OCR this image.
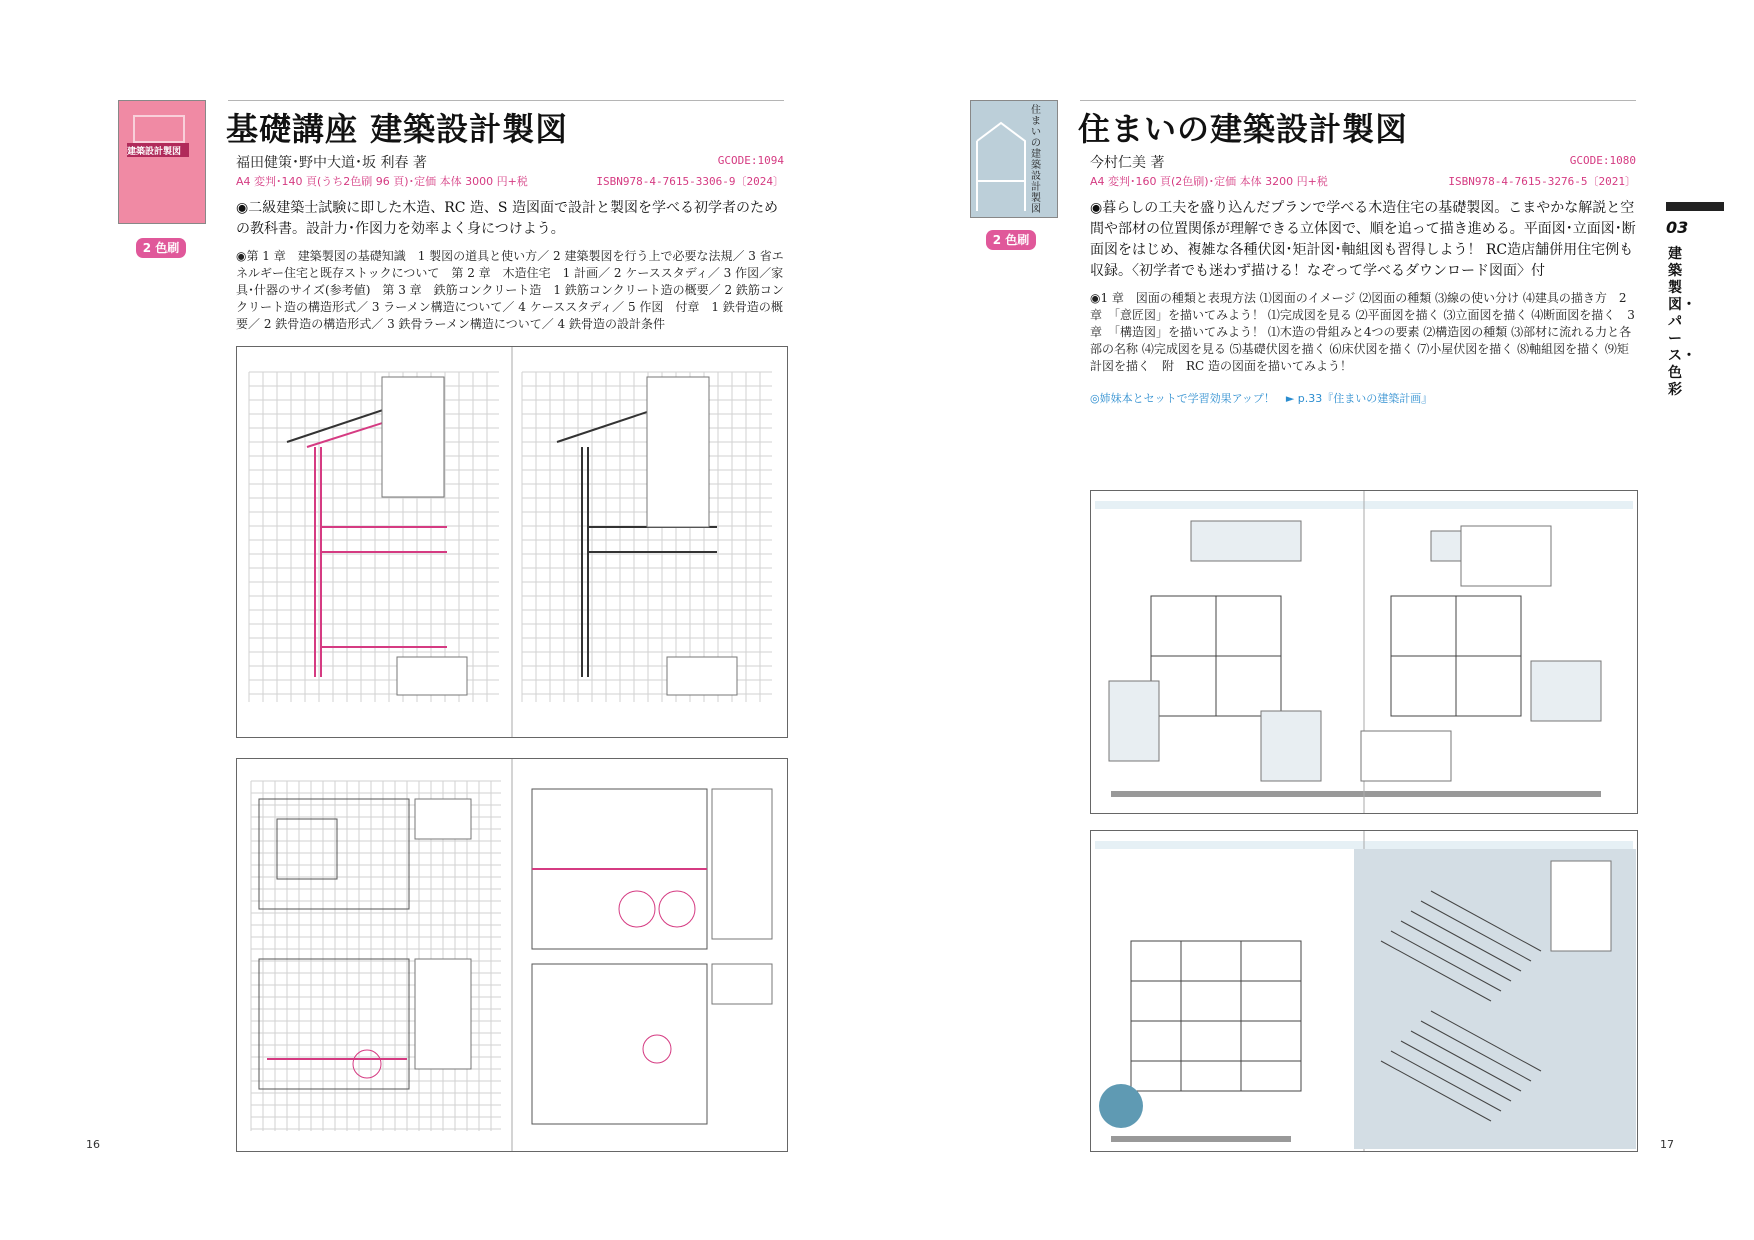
建築設計製図
2 色刷
基礎講座 建築設計製図
福田健策･野中大道･坂 利春 著	GCODE:1094
A4 変判･140 頁(うち2色刷 96 頁)･定価 本体 3000 円+税	ISBN978-4-7615-3306-9〔2024〕
◉二級建築士試験に即した木造、RC 造、S 造図面で設計と製図を学べる初学者のための教科書。設計力･作図力を効率よく身につけよう。
◉第 1 章　建築製図の基礎知識　1 製図の道具と使い方／ 2 建築製図を行う上で必要な法規／ 3 省エネルギー住宅と既存ストックについて　第 2 章　木造住宅　1 計画／ 2 ケーススタディ／ 3 作図／家具･什器のサイズ(参考値)　第 3 章　鉄筋コンクリート造　1 鉄筋コンクリート造の概要／ 2 鉄筋コンクリート造の構造形式／ 3 ラーメン構造について／ 4 ケーススタディ／ 5 作図　付章　1 鉄骨造の概要／ 2 鉄骨造の構造形式／ 3 鉄骨ラーメン構造について／ 4 鉄骨造の設計条件
16
住まいの建築設計製図
2 色刷
住まいの建築設計製図
今村仁美 著	GCODE:1080
A4 変判･160 頁(2色刷)･定価 本体 3200 円+税	ISBN978-4-7615-3276-5〔2021〕
◉暮らしの工夫を盛り込んだプランで学べる木造住宅の基礎製図。こまやかな解説と空間や部材の位置関係が理解できる立体図で、順を追って描き進める。平面図･立面図･断面図をはじめ、複雑な各種伏図･矩計図･軸組図も習得しよう！ RC造店舗併用住宅例も収録。〈初学者でも迷わず描ける！なぞって学べるダウンロード図面〉付
◉1 章　図面の種類と表現方法 ⑴図面のイメージ ⑵図面の種類 ⑶線の使い分け ⑷建具の描き方　2 章　「意匠図」を描いてみよう！ ⑴完成図を見る ⑵平面図を描く ⑶立面図を描く ⑷断面図を描く　3 章　「構造図」を描いてみよう！ ⑴木造の骨組みと4つの要素 ⑵構造図の種類 ⑶部材に流れる力と各部の名称 ⑷完成図を見る ⑸基礎伏図を描く ⑹床伏図を描く ⑺小屋伏図を描く ⑻軸組図を描く ⑼矩計図を描く　附　RC 造の図面を描いてみよう！
◎姉妹本とセットで学習効果アップ！　► p.33『住まいの建築計画』
17
03
建築製図・パース・色彩
